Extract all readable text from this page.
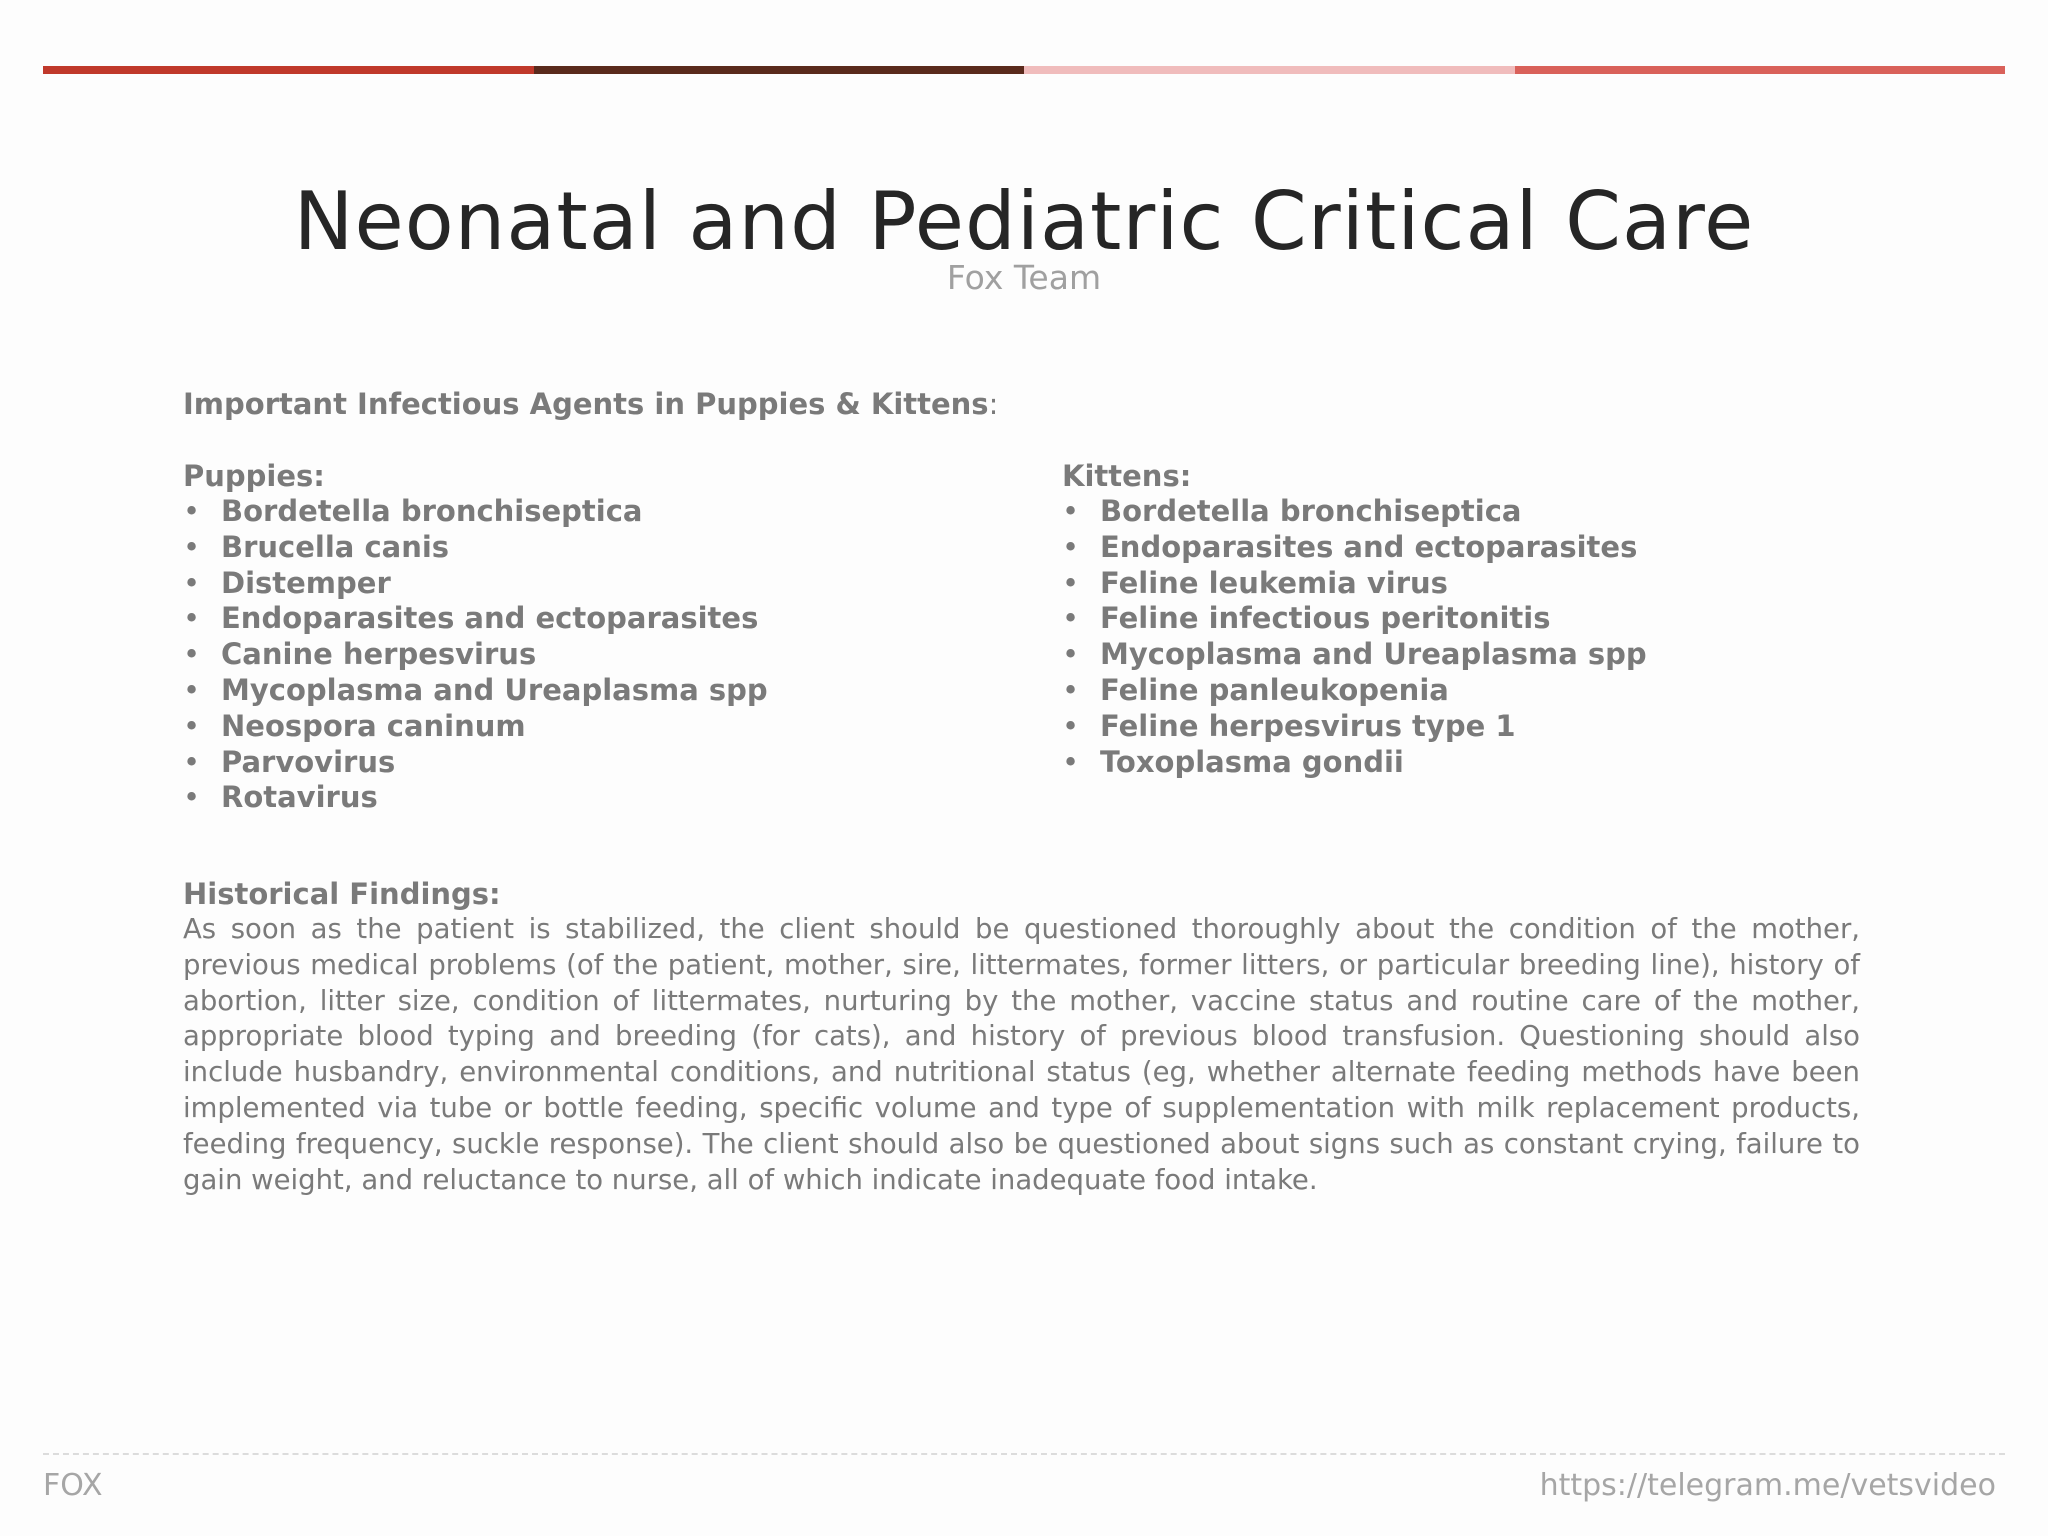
Neonatal and Pediatric Critical Care
Fox Team
Important Infectious Agents in Puppies & Kittens:
Puppies:
• Bordetella bronchiseptica
• Brucella canis
• Distemper
• Endoparasites and ectoparasites
• Canine herpesvirus
• Mycoplasma and Ureaplasma spp
• Neospora caninum
• Parvovirus
• Rotavirus
Kittens:
• Bordetella bronchiseptica
• Endoparasites and ectoparasites
• Feline leukemia virus
• Feline infectious peritonitis
• Mycoplasma and Ureaplasma spp
• Feline panleukopenia
• Feline herpesvirus type 1
• Toxoplasma gondii
Historical Findings:

As soon as the patient is stabilized, the client should be questioned thoroughly about the condition of the mother, previous medical problems (of the patient, mother, sire, littermates, former litters, or particular breeding line), history of abortion, litter size, condition of littermates, nurturing by the mother, vaccine status and routine care of the mother, appropriate blood typing and breeding (for cats), and history of previous blood transfusion. Questioning should also include husbandry, environmental conditions, and nutritional status (eg, whether alternate feeding methods have been implemented via tube or bottle feeding, specific volume and type of supplementation with milk replacement products, feeding frequency, suckle response). The client should also be questioned about signs such as constant crying, failure to gain weight, and reluctance to nurse, all of which indicate inadequate food intake.

FOX	https://telegram.me/vetsvideo
